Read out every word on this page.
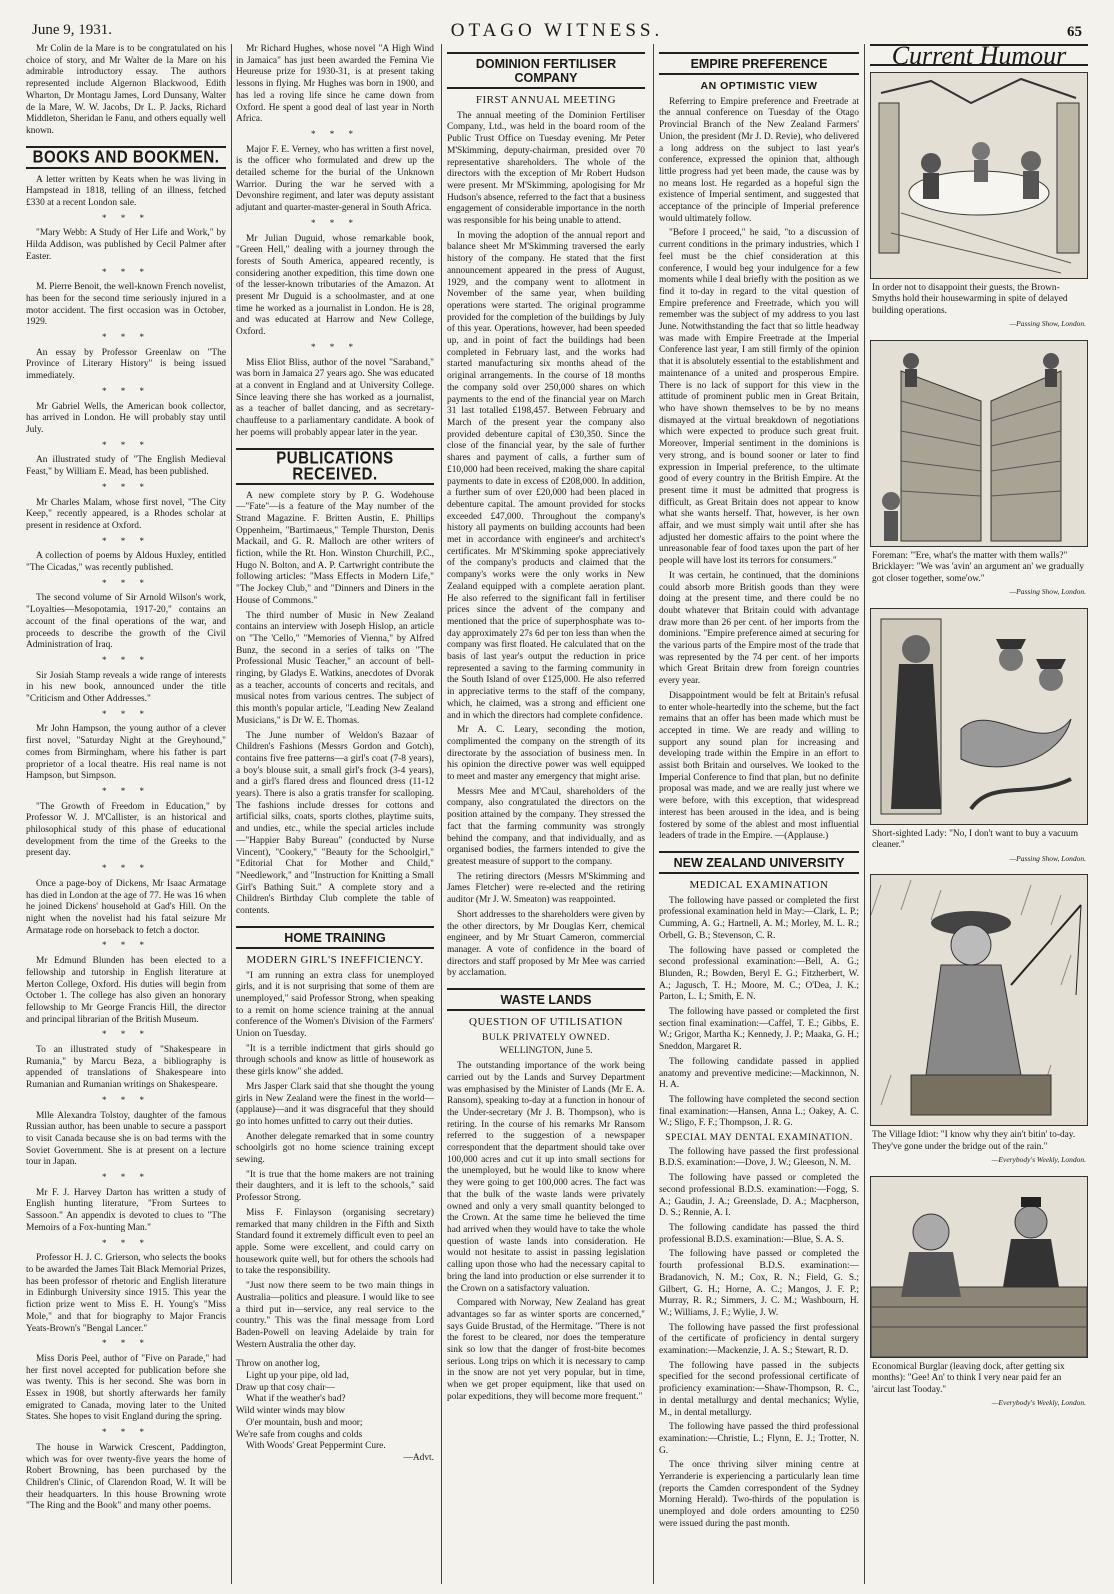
June 9, 1931.	OTAGO WITNESS.	65

Mr Colin de la Mare is to be congratulated on his choice of story, and Mr Walter de la Mare on his admirable introductory essay. The authors represented include Algernon Blackwood, Edith Wharton, Dr Montagu James, Lord Dunsany, Walter de la Mare, W. W. Jacobs, Dr L. P. Jacks, Richard Middleton, Sheridan le Fanu, and others equally well known.

BOOKS AND BOOKMEN.

A letter written by Keats when he was living in Hampstead in 1818, telling of an illness, fetched £330 at a recent London sale.

* * *

"Mary Webb: A Study of Her Life and Work," by Hilda Addison, was published by Cecil Palmer after Easter.

* * *

M. Pierre Benoit, the well-known French novelist, has been for the second time seriously injured in a motor accident. The first occasion was in October, 1929.

* * *

An essay by Professor Greenlaw on "The Province of Literary History" is being issued immediately.

* * *

Mr Gabriel Wells, the American book collector, has arrived in London. He will probably stay until July.

* * *

An illustrated study of "The English Medieval Feast," by William E. Mead, has been published.

* * *

Mr Charles Malam, whose first novel, "The City Keep," recently appeared, is a Rhodes scholar at present in residence at Oxford.

* * *

A collection of poems by Aldous Huxley, entitled "The Cicadas," was recently published.

* * *

The second volume of Sir Arnold Wilson's work, "Loyalties—Mesopotamia, 1917-20," contains an account of the final operations of the war, and proceeds to describe the growth of the Civil Administration of Iraq.

* * *

Sir Josiah Stamp reveals a wide range of interests in his new book, announced under the title "Criticism and Other Addresses."

* * *

Mr John Hampson, the young author of a clever first novel, "Saturday Night at the Greyhound," comes from Birmingham, where his father is part proprietor of a local theatre. His real name is not Hampson, but Simpson.

* * *

"The Growth of Freedom in Education," by Professor W. J. M'Callister, is an historical and philosophical study of this phase of educational development from the time of the Greeks to the present day.

* * *

Once a page-boy of Dickens, Mr Isaac Armatage has died in London at the age of 77. He was 16 when he joined Dickens' household at Gad's Hill. On the night when the novelist had his fatal seizure Mr Armatage rode on horseback to fetch a doctor.

* * *

Mr Edmund Blunden has been elected to a fellowship and tutorship in English literature at Merton College, Oxford. His duties will begin from October 1. The college has also given an honorary fellowship to Mr George Francis Hill, the director and principal librarian of the British Museum.

* * *

To an illustrated study of "Shakespeare in Rumania," by Marcu Beza, a bibliography is appended of translations of Shakespeare into Rumanian and Rumanian writings on Shakespeare.

* * *

Mlle Alexandra Tolstoy, daughter of the famous Russian author, has been unable to secure a passport to visit Canada because she is on bad terms with the Soviet Government. She is at present on a lecture tour in Japan.

* * *

Mr F. J. Harvey Darton has written a study of English hunting literature, "From Surtees to Sassoon." An appendix is devoted to clues to "The Memoirs of a Fox-hunting Man."

* * *

Professor H. J. C. Grierson, who selects the books to be awarded the James Tait Black Memorial Prizes, has been professor of rhetoric and English literature in Edinburgh University since 1915. This year the fiction prize went to Miss E. H. Young's "Miss Mole," and that for biography to Major Francis Yeats-Brown's "Bengal Lancer."

* * *

Miss Doris Peel, author of "Five on Parade," had her first novel accepted for publication before she was twenty. This is her second. She was born in Essex in 1908, but shortly afterwards her family emigrated to Canada, moving later to the United States. She hopes to visit England during the spring.

* * *

The house in Warwick Crescent, Paddington, which was for over twenty-five years the home of Robert Browning, has been purchased by the Children's Clinic, of Clarendon Road, W. It will be their headquarters. In this house Browning wrote "The Ring and the Book" and many other poems.

Mr Richard Hughes, whose novel "A High Wind in Jamaica" has just been awarded the Femina Vie Heureuse prize for 1930-31, is at present taking lessons in flying. Mr Hughes was born in 1900, and has led a roving life since he came down from Oxford. He spent a good deal of last year in North Africa.

* * *

Major F. E. Verney, who has written a first novel, is the officer who formulated and drew up the detailed scheme for the burial of the Unknown Warrior. During the war he served with a Devonshire regiment, and later was deputy assistant adjutant and quarter-master-general in South Africa.

* * *

Mr Julian Duguid, whose remarkable book, "Green Hell," dealing with a journey through the forests of South America, appeared recently, is considering another expedition, this time down one of the lesser-known tributaries of the Amazon. At present Mr Duguid is a schoolmaster, and at one time he worked as a journalist in London. He is 28, and was educated at Harrow and New College, Oxford.

* * *

Miss Eliot Bliss, author of the novel "Saraband," was born in Jamaica 27 years ago. She was educated at a convent in England and at University College. Since leaving there she has worked as a journalist, as a teacher of ballet dancing, and as secretary-chauffeuse to a parliamentary candidate. A book of her poems will probably appear later in the year.

PUBLICATIONS RECEIVED.

A new complete story by P. G. Wodehouse—"Fate"—is a feature of the May number of the Strand Magazine. F. Britten Austin, E. Phillips Oppenheim, "Bartimaeus," Temple Thurston, Denis Mackail, and G. R. Malloch are other writers of fiction, while the Rt. Hon. Winston Churchill, P.C., Hugo N. Bolton, and A. P. Cartwright contribute the following articles: "Mass Effects in Modern Life," "The Jockey Club," and "Dinners and Diners in the House of Commons."

The third number of Music in New Zealand contains an interview with Joseph Hislop, an article on "The 'Cello," "Memories of Vienna," by Alfred Bunz, the second in a series of talks on "The Professional Music Teacher," an account of bell-ringing, by Gladys E. Watkins, anecdotes of Dvorak as a teacher, accounts of concerts and recitals, and musical notes from various centres. The subject of this month's popular article, "Leading New Zealand Musicians," is Dr W. E. Thomas.

The June number of Weldon's Bazaar of Children's Fashions (Messrs Gordon and Gotch), contains five free patterns—a girl's coat (7-8 years), a boy's blouse suit, a small girl's frock (3-4 years), and a girl's flared dress and flounced dress (11-12 years). There is also a gratis transfer for scalloping. The fashions include dresses for cottons and artificial silks, coats, sports clothes, playtime suits, and undies, etc., while the special articles include—"Happier Baby Bureau" (conducted by Nurse Vincent), "Cookery," "Beauty for the Schoolgirl," "Editorial Chat for Mother and Child," "Needlework," and "Instruction for Knitting a Small Girl's Bathing Suit." A complete story and a Children's Birthday Club complete the table of contents.

HOME TRAINING
MODERN GIRL'S INEFFICIENCY.

"I am running an extra class for unemployed girls, and it is not surprising that some of them are unemployed," said Professor Strong, when speaking to a remit on home science training at the annual conference of the Women's Division of the Farmers' Union on Tuesday.

"It is a terrible indictment that girls should go through schools and know as little of housework as these girls know" she added.

Mrs Jasper Clark said that she thought the young girls in New Zealand were the finest in the world—(applause)—and it was disgraceful that they should go into homes unfitted to carry out their duties.

Another delegate remarked that in some country schoolgirls got no home science training except sewing.

"It is true that the home makers are not training their daughters, and it is left to the schools," said Professor Strong.

Miss F. Finlayson (organising secretary) remarked that many children in the Fifth and Sixth Standard found it extremely difficult even to peel an apple. Some were excellent, and could carry on housework quite well, but for others the schools had to take the responsibility.

"Just now there seem to be two main things in Australia—politics and pleasure. I would like to see a third put in—service, any real service to the country." This was the final message from Lord Baden-Powell on leaving Adelaide by train for Western Australia the other day.

Throw on another log,
Light up your pipe, old lad,
Draw up that cosy chair—
What if the weather's bad?
Wild winter winds may blow
O'er mountain, bush and moor;
We're safe from coughs and colds
With Woods' Great Peppermint Cure.
—Advt.
DOMINION FERTILISER COMPANY
FIRST ANNUAL MEETING

The annual meeting of the Dominion Fertiliser Company, Ltd., was held in the board room of the Public Trust Office on Tuesday evening. Mr Peter M'Skimming, deputy-chairman, presided over 70 representative shareholders. The whole of the directors with the exception of Mr Robert Hudson were present. Mr M'Skimming, apologising for Mr Hudson's absence, referred to the fact that a business engagement of considerable importance in the north was responsible for his being unable to attend.

In moving the adoption of the annual report and balance sheet Mr M'Skimming traversed the early history of the company. He stated that the first announcement appeared in the press of August, 1929, and the company went to allotment in November of the same year, when building operations were started. The original programme provided for the completion of the buildings by July of this year. Operations, however, had been speeded up, and in point of fact the buildings had been completed in February last, and the works had started manufacturing six months ahead of the original arrangements. In the course of 18 months the company sold over 250,000 shares on which payments to the end of the financial year on March 31 last totalled £198,457. Between February and March of the present year the company also provided debenture capital of £30,350. Since the close of the financial year, by the sale of further shares and payment of calls, a further sum of £10,000 had been received, making the share capital payments to date in excess of £208,000. In addition, a further sum of over £20,000 had been placed in debenture capital. The amount provided for stocks exceeded £47,000. Throughout the company's history all payments on building accounts had been met in accordance with engineer's and architect's certificates. Mr M'Skimming spoke appreciatively of the company's products and claimed that the company's works were the only works in New Zealand equipped with a complete aeration plant. He also referred to the significant fall in fertiliser prices since the advent of the company and mentioned that the price of superphosphate was to-day approximately 27s 6d per ton less than when the company was first floated. He calculated that on the basis of last year's output the reduction in price represented a saving to the farming community in the South Island of over £125,000. He also referred in appreciative terms to the staff of the company, which, he claimed, was a strong and efficient one and in which the directors had complete confidence.

Mr A. C. Leary, seconding the motion, complimented the company on the strength of its directorate by the association of business men. In his opinion the directive power was well equipped to meet and master any emergency that might arise.

Messrs Mee and M'Caul, shareholders of the company, also congratulated the directors on the position attained by the company. They stressed the fact that the farming community was strongly behind the company, and that individually, and as organised bodies, the farmers intended to give the greatest measure of support to the company.

The retiring directors (Messrs M'Skimming and James Fletcher) were re-elected and the retiring auditor (Mr J. W. Smeaton) was reappointed.

Short addresses to the shareholders were given by the other directors, by Mr Douglas Kerr, chemical engineer, and by Mr Stuart Cameron, commercial manager. A vote of confidence in the board of directors and staff proposed by Mr Mee was carried by acclamation.

WASTE LANDS
QUESTION OF UTILISATION
BULK PRIVATELY OWNED.
WELLINGTON, June 5.

The outstanding importance of the work being carried out by the Lands and Survey Department was emphasised by the Minister of Lands (Mr E. A. Ransom), speaking to-day at a function in honour of the Under-secretary (Mr J. B. Thompson), who is retiring. In the course of his remarks Mr Ransom referred to the suggestion of a newspaper correspondent that the department should take over 100,000 acres and cut it up into small sections for the unemployed, but he would like to know where they were going to get 100,000 acres. The fact was that the bulk of the waste lands were privately owned and only a very small quantity belonged to the Crown. At the same time he believed the time had arrived when they would have to take the whole question of waste lands into consideration. He would not hesitate to assist in passing legislation calling upon those who had the necessary capital to bring the land into production or else surrender it to the Crown on a satisfactory valuation.

Compared with Norway, New Zealand has great advantages so far as winter sports are concerned," says Guide Brustad, of the Hermitage. "There is not the forest to be cleared, nor does the temperature sink so low that the danger of frost-bite becomes serious. Long trips on which it is necessary to camp in the snow are not yet very popular, but in time, when we get proper equipment, like that used on polar expeditions, they will become more frequent."

EMPIRE PREFERENCE
AN OPTIMISTIC VIEW

Referring to Empire preference and Freetrade at the annual conference on Tuesday of the Otago Provincial Branch of the New Zealand Farmers' Union, the president (Mr J. D. Revie), who delivered a long address on the subject to last year's conference, expressed the opinion that, although little progress had yet been made, the cause was by no means lost. He regarded as a hopeful sign the existence of Imperial sentiment, and suggested that acceptance of the principle of Imperial preference would ultimately follow.

"Before I proceed," he said, "to a discussion of current conditions in the primary industries, which I feel must be the chief consideration at this conference, I would beg your indulgence for a few moments while I deal briefly with the position as we find it to-day in regard to the vital question of Empire preference and Freetrade, which you will remember was the subject of my address to you last June. Notwithstanding the fact that so little headway was made with Empire Freetrade at the Imperial Conference last year, I am still firmly of the opinion that it is absolutely essential to the establishment and maintenance of a united and prosperous Empire. There is no lack of support for this view in the attitude of prominent public men in Great Britain, who have shown themselves to be by no means dismayed at the virtual breakdown of negotiations which were expected to produce such great fruit. Moreover, Imperial sentiment in the dominions is very strong, and is bound sooner or later to find expression in Imperial preference, to the ultimate good of every country in the British Empire. At the present time it must be admitted that progress is difficult, as Great Britain does not appear to know what she wants herself. That, however, is her own affair, and we must simply wait until after she has adjusted her domestic affairs to the point where the unreasonable fear of food taxes upon the part of her people will have lost its terrors for consumers."

It was certain, he continued, that the dominions could absorb more British goods than they were doing at the present time, and there could be no doubt whatever that Britain could with advantage draw more than 26 per cent. of her imports from the dominions. "Empire preference aimed at securing for the various parts of the Empire most of the trade that was represented by the 74 per cent. of her imports which Great Britain drew from foreign countries every year.

Disappointment would be felt at Britain's refusal to enter whole-heartedly into the scheme, but the fact remains that an offer has been made which must be accepted in time. We are ready and willing to support any sound plan for increasing and developing trade within the Empire in an effort to assist both Britain and ourselves. We looked to the Imperial Conference to find that plan, but no definite proposal was made, and we are really just where we were before, with this exception, that widespread interest has been aroused in the idea, and is being fostered by some of the ablest and most influential leaders of trade in the Empire. —(Applause.)

NEW ZEALAND UNIVERSITY
MEDICAL EXAMINATION

The following have passed or completed the first professional examination held in May:—Clark, L. P.; Cumming, A. G.; Hartnell, A. M.; Morley, M. L. R.; Orbell, G. B.; Stevenson, C. R.

The following have passed or completed the second professional examination:—Bell, A. G.; Blunden, R.; Bowden, Beryl E. G.; Fitzherbert, W. A.; Jagusch, T. H.; Moore, M. C.; O'Dea, J. K.; Parton, L. I.; Smith, E. N.

The following have passed or completed the first section final examination:—Caffel, T. E.; Gibbs, E. W.; Grigor, Martha K.; Kennedy, J. P.; Maaka, G. H.; Sneddon, Margaret R.

The following candidate passed in applied anatomy and preventive medicine:—Mackinnon, N. H. A.

The following have completed the second section final examination:—Hansen, Anna L.; Oakey, A. C. W.; Sligo, F. F.; Thompson, J. R. G.

SPECIAL MAY DENTAL EXAMINATION.

The following have passed the first professional B.D.S. examination:—Dove, J. W.; Gleeson, N. M.

The following have passed or completed the second professional B.D.S. examination:—Fogg, S. A.; Gaudin, J. A.; Greenslade, D. A.; Macpherson, D. S.; Rennie, A. I.

The following candidate has passed the third professional B.D.S. examination:—Blue, S. A. S.

The following have passed or completed the fourth professional B.D.S. examination:—Bradanovich, N. M.; Cox, R. N.; Field, G. S.; Gilbert, G. H.; Horne, A. C.; Mangos, J. F. P.; Murray, R. R.; Simmers, J. C. M.; Washbourn, H. W.; Williams, J. F.; Wylie, J. W.

The following have passed the first professional of the certificate of proficiency in dental surgery examination:—Mackenzie, J. A. S.; Stewart, R. D.

The following have passed in the subjects specified for the second professional certificate of proficiency examination:—Shaw-Thompson, R. C., in dental metallurgy and dental mechanics; Wylie, M., in dental metallurgy.

The following have passed the third professional examination:—Christie, L.; Flynn, E. J.; Trotter, N. G.

The once thriving silver mining centre at Yerranderie is experiencing a particularly lean time (reports the Camden correspondent of the Sydney Morning Herald). Two-thirds of the population is unemployed and dole orders amounting to £250 were issued during the past month.

Current Humour
In order not to disappoint their guests, the Brown-Smyths hold their housewarming in spite of delayed building operations.
—Passing Show, London.
Foreman: "'Ere, what's the matter with them walls?" Bricklayer: "We was 'avin' an argument an' we gradually got closer together, some'ow."
—Passing Show, London.
Short-sighted Lady: "No, I don't want to buy a vacuum cleaner."
—Passing Show, London.
The Village Idiot: "I know why they ain't bitin' to-day. They've gone under the bridge out of the rain."
—Everybody's Weekly, London.
Economical Burglar (leaving dock, after getting six months): "Gee! An' to think I very near paid fer an 'aircut last Tooday."
—Everybody's Weekly, London.
